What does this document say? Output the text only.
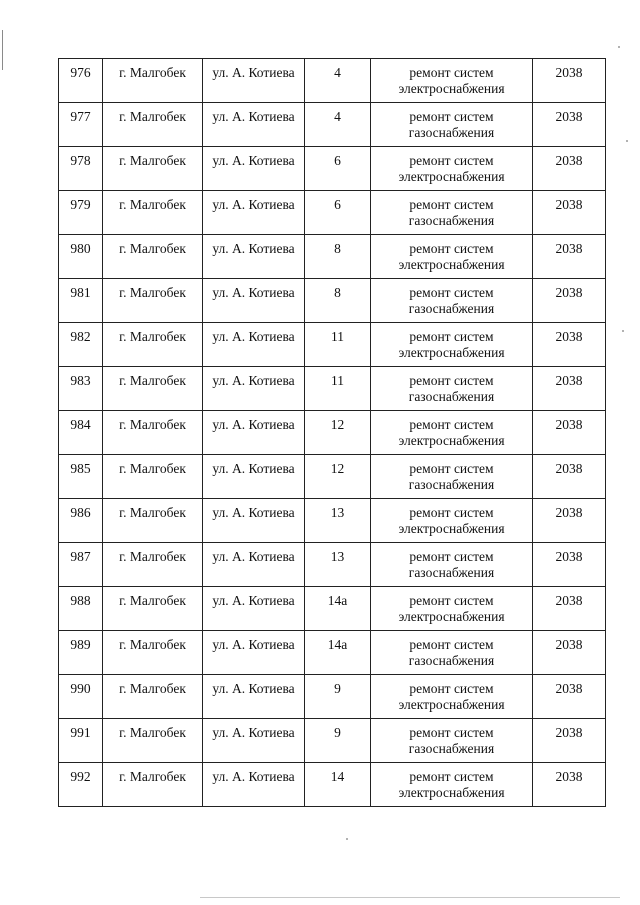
976	г. Малгобек	ул. А. Котиева	4	ремонт систем электроснабжения	2038
977	г. Малгобек	ул. А. Котиева	4	ремонт систем газоснабжения	2038
978	г. Малгобек	ул. А. Котиева	6	ремонт систем электроснабжения	2038
979	г. Малгобек	ул. А. Котиева	6	ремонт систем газоснабжения	2038
980	г. Малгобек	ул. А. Котиева	8	ремонт систем электроснабжения	2038
981	г. Малгобек	ул. А. Котиева	8	ремонт систем газоснабжения	2038
982	г. Малгобек	ул. А. Котиева	11	ремонт систем электроснабжения	2038
983	г. Малгобек	ул. А. Котиева	11	ремонт систем газоснабжения	2038
984	г. Малгобек	ул. А. Котиева	12	ремонт систем электроснабжения	2038
985	г. Малгобек	ул. А. Котиева	12	ремонт систем газоснабжения	2038
986	г. Малгобек	ул. А. Котиева	13	ремонт систем электроснабжения	2038
987	г. Малгобек	ул. А. Котиева	13	ремонт систем газоснабжения	2038
988	г. Малгобек	ул. А. Котиева	14а	ремонт систем электроснабжения	2038
989	г. Малгобек	ул. А. Котиева	14а	ремонт систем газоснабжения	2038
990	г. Малгобек	ул. А. Котиева	9	ремонт систем электроснабжения	2038
991	г. Малгобек	ул. А. Котиева	9	ремонт систем газоснабжения	2038
992	г. Малгобек	ул. А. Котиева	14	ремонт систем электроснабжения	2038
